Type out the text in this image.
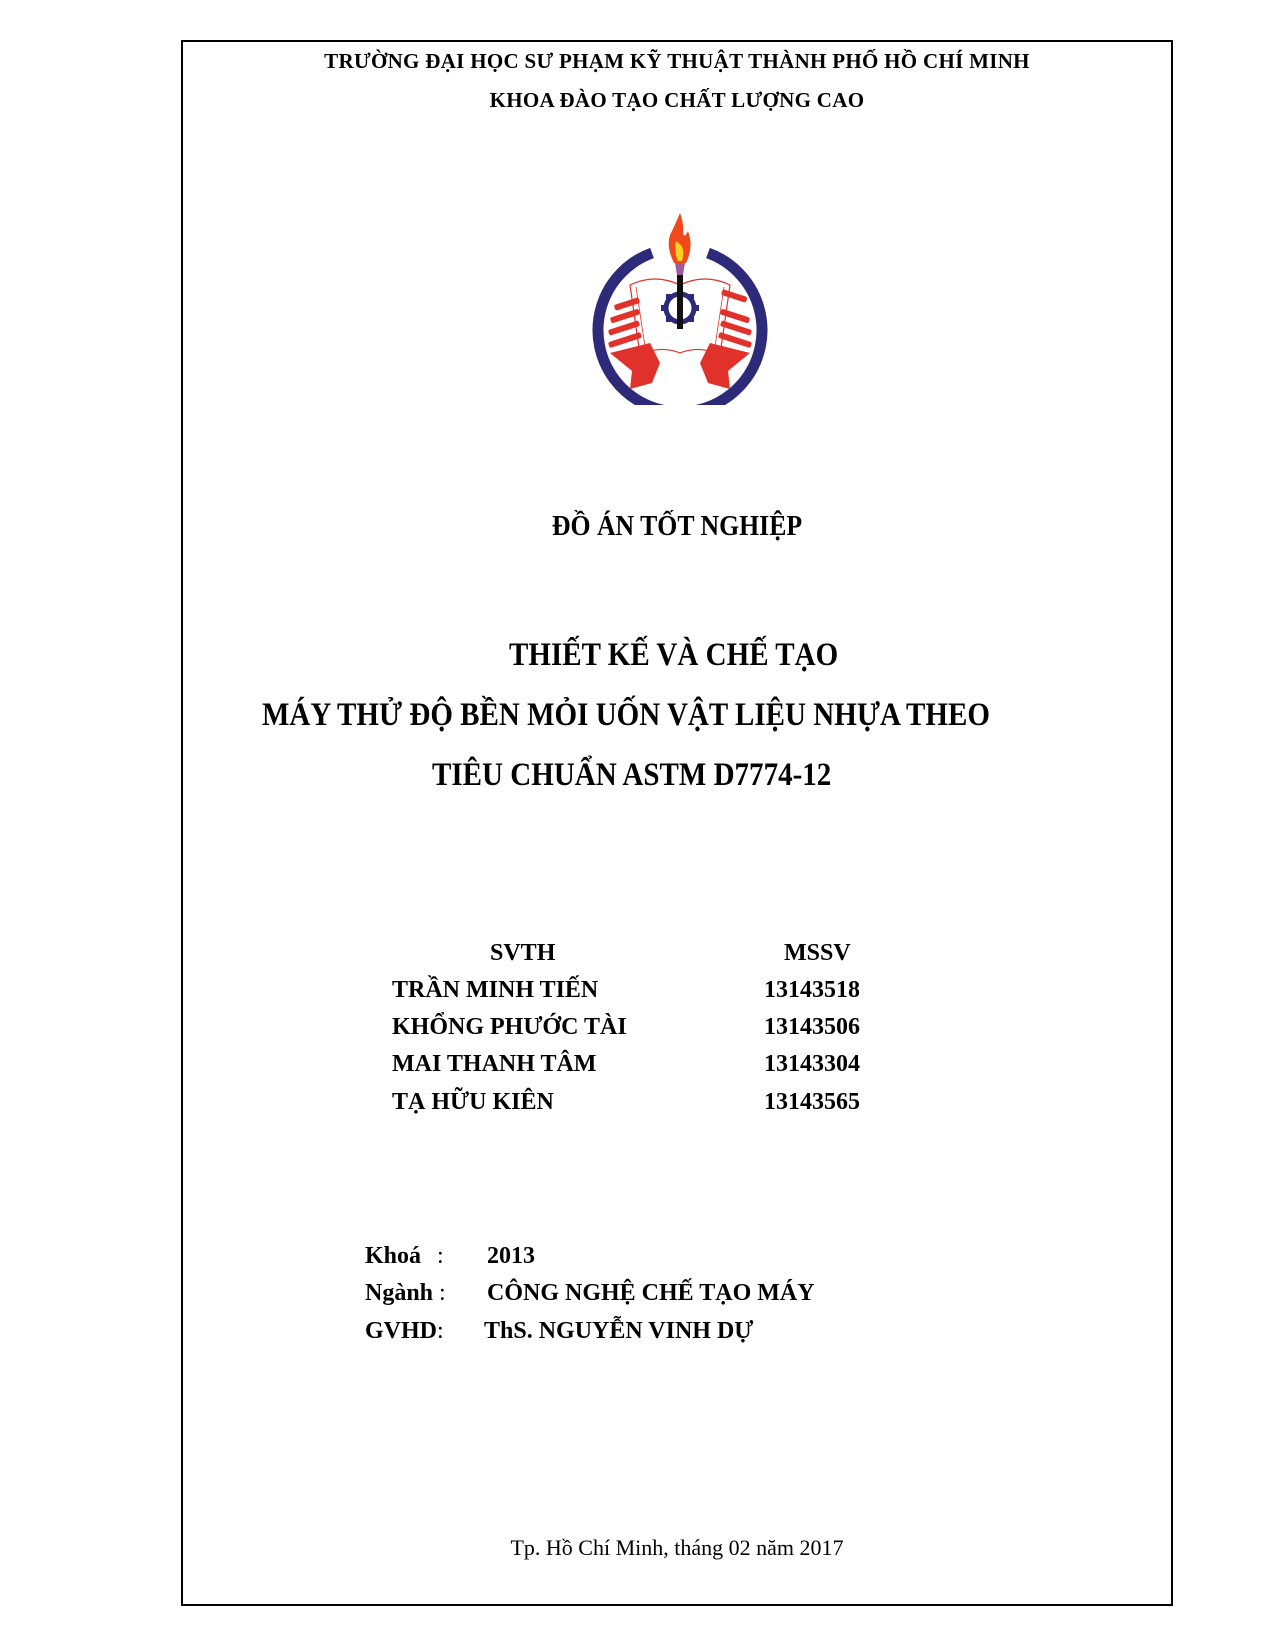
TRƯỜNG ĐẠI HỌC SƯ PHẠM KỸ THUẬT THÀNH PHỐ HỒ CHÍ MINH
KHOA ĐÀO TẠO CHẤT LƯỢNG CAO
ĐỒ ÁN TỐT NGHIỆP
THIẾT KẾ VÀ CHẾ TẠO
MÁY THỬ ĐỘ BỀN MỎI UỐN VẬT LIỆU NHỰA THEO
TIÊU CHUẨN ASTM D7774-12
SVTH	MSSV
TRẦN MINH TIẾN	13143518
KHỔNG PHƯỚC TÀI	13143506
MAI THANH TÂM	13143304
TẠ HỮU KIÊN	13143565
Khoá : 2013
Ngành : CÔNG NGHỆ CHẾ TẠO MÁY
GVHD: ThS. NGUYỄN VINH DỰ
Tp. Hồ Chí Minh, tháng 02 năm 2017
